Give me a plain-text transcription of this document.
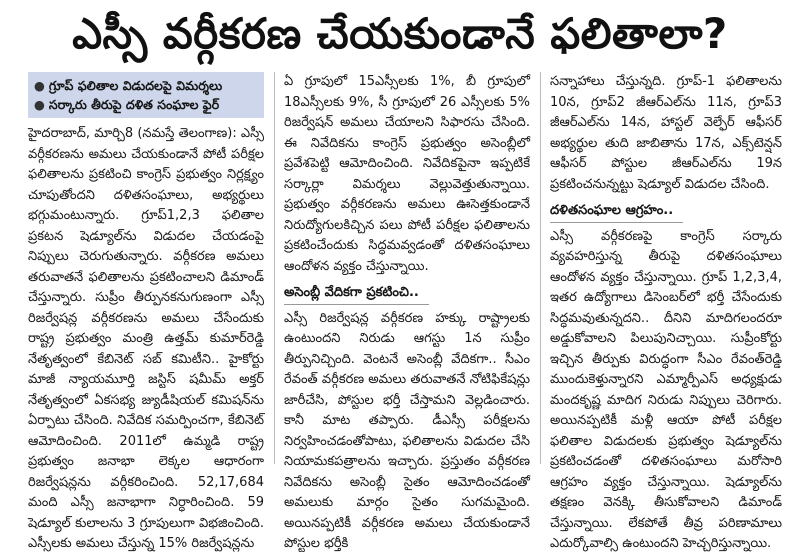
ఎస్సీ వర్గీకరణ చేయకుండానే ఫలితాలా?
● గ్రూప్ ఫలితాల విడుదలపై విమర్శలు
● సర్కారు తీరుపై దళిత సంఘాల ఫైర్

హైదరాబాద్, మార్చి8 (నమస్తే తెలంగాణ): ఎస్సీ వర్గీకరణను అమలు చేయకుండానే పోటీ పరీక్షల ఫలితాలను ప్రకటించి కాంగ్రెస్ ప్రభుత్వం నిర్లక్ష్యం చూపుతోందని దళితసంఘాలు, అభ్యర్థులు భగ్గుమంటున్నారు. గ్రూప్1,2,3 ఫలితాల ప్రకటన షెడ్యూల్‌ను విడుదల చేయడంపై నిప్పులు చెరుగుతున్నారు. వర్గీకరణ అమలు తరువాతనే ఫలితాలను ప్రకటించాలని డిమాండ్ చేస్తున్నారు. సుప్రీం తీర్పునకనుగుణంగా ఎస్సీ రిజర్వేషన్ల వర్గీకరణను అమలు చేసేందుకు రాష్ట్ర ప్రభుత్వం మంత్రి ఉత్తమ్ కుమార్‌రెడ్డి నేతృత్వంలో కేబినెట్ సబ్ కమిటీని.. హైకోర్టు మాజీ న్యాయమూర్తి జస్టిస్ షమీమ్ అక్తర్ నేతృత్వంలో ఏకసభ్య జ్యుడీషియల్ కమిషన్‌ను ఏర్పాటు చేసింది. నివేదిక సమర్పించగా, కేబినెట్ ఆమోదించింది. 2011లో ఉమ్మడి రాష్ట్ర ప్రభుత్వం జనాభా లెక్కల ఆధారంగా రిజర్వేషన్లను వర్గీకరించింది. 52,17,684 మంది ఎస్సీ జనాభాగా నిర్ధారించింది. 59 షెడ్యూల్ కులాలను 3 గ్రూపులుగా విభజించింది. ఎస్సీలకు అమలు చేస్తున్న 15% రిజర్వేషన్లను

ఏ గ్రూపులో 15ఎస్సీలకు 1%, బీ గ్రూపులో 18ఎస్సీలకు 9%, సీ గ్రూపులో 26 ఎస్సీలకు 5% రిజర్వేషన్ అమలు చేయాలని సిఫారసు చేసింది. ఈ నివేదికను కాంగ్రెస్ ప్రభుత్వం అసెంబ్లీలో ప్రవేశపెట్టి ఆమోదించింది. నివేదికపైనా ఇప్పటికే సర్కార్లా విమర్శలు వెల్లువెత్తుతున్నాయి. ప్రభుత్వం వర్గీకరణను అమలు ఊసెత్తకుండానే నిరుద్యోగులకిచ్చిన పలు పోటీ పరీక్షల ఫలితాలను ప్రకటించేందుకు సిద్ధమవ్వడంతో దళితసంఘాలు ఆందోళన వ్యక్తం చేస్తున్నాయి.

అసెంబ్లీ వేదికగా ప్రకటించి..

ఎస్సీ రిజర్వేషన్ల వర్గీకరణ హక్కు రాష్ట్రాలకు ఉంటుందని నిరుడు ఆగస్టు 1న సుప్రీం తీర్పునిచ్చింది. వెంటనే అసెంబ్లీ వేదికగా.. సీఎం రేవంత్ వర్గీకరణ అమలు తరువాతనే నోటిఫికేషన్లు జారీచేసి, పోస్టుల భర్తీ చేస్తామని వెల్లడించారు. కానీ మాట తప్పారు. డీఎస్సీ పరీక్షలను నిర్వహించడంతోపాటు, ఫలితాలను విడుదల చేసి నియామకపత్రాలను ఇచ్చారు. ప్రస్తుతం వర్గీకరణ నివేదికను అసెంబ్లీ సైతం ఆమోదించడంతో అమలుకు మార్గం సైతం సుగమమైంది. అయినప్పటికీ వర్గీకరణ అమలు చేయకుండానే పోస్టుల భర్తీకి

సన్నాహాలు చేస్తున్నది. గ్రూప్-1 ఫలితాలను 10న, గ్రూప్2 జీఆర్‌ఎల్‌ను 11న, గ్రూప్3 జీఆర్‌ఎల్‌ను 14న, హాస్టల్ వెల్ఫేర్ ఆఫీసర్ అభ్యర్థుల తుది జాబితాను 17న, ఎక్స్‌టెన్షన్ ఆఫీసర్ పోస్టుల జీఆర్‌ఎల్‌ను 19న ప్రకటించనున్నట్టు షెడ్యూల్ విడుదల చేసింది.

దళితసంఘాల ఆగ్రహం..

ఎస్సీ వర్గీకరణపై కాంగ్రెస్ సర్కారు వ్యవహరిస్తున్న తీరుపై దళితసంఘాలు ఆందోళన వ్యక్తం చేస్తున్నాయి. గ్రూప్ 1,2,3,4, ఇతర ఉద్యోగాలు డిసెంబర్‌లో భర్తీ చేసేందుకు సిద్ధమవుతున్నదని.. దీనిని మాదిగలందరూ అడ్డుకోవాలని పిలుపునిచ్చాయి. సుప్రీంకోర్టు ఇచ్చిన తీర్పుకు విరుద్ధంగా సీఎం రేవంత్‌రెడ్డి ముందుకెళ్తున్నారని ఎమ్మార్పీఎస్ అధ్యక్షుడు మందకృష్ణ మాదిగ నిరుడు నిప్పులు చెరిగారు. అయినప్పటికీ మళ్లీ ఆయా పోటీ పరీక్షల ఫలితాల విడుదలకు ప్రభుత్వం షెడ్యూల్‌ను ప్రకటించడంతో దళితసంఘాలు మరోసారి ఆగ్రహం వ్యక్తం చేస్తున్నాయి. షెడ్యూల్‌ను తక్షణం వెనక్కి తీసుకోవాలని డిమాండ్ చేస్తున్నాయి. లేకపోతే తీవ్ర పరిణామాలు ఎదుర్కోవాల్సి ఉంటుందని హెచ్చరిస్తున్నాయి.
